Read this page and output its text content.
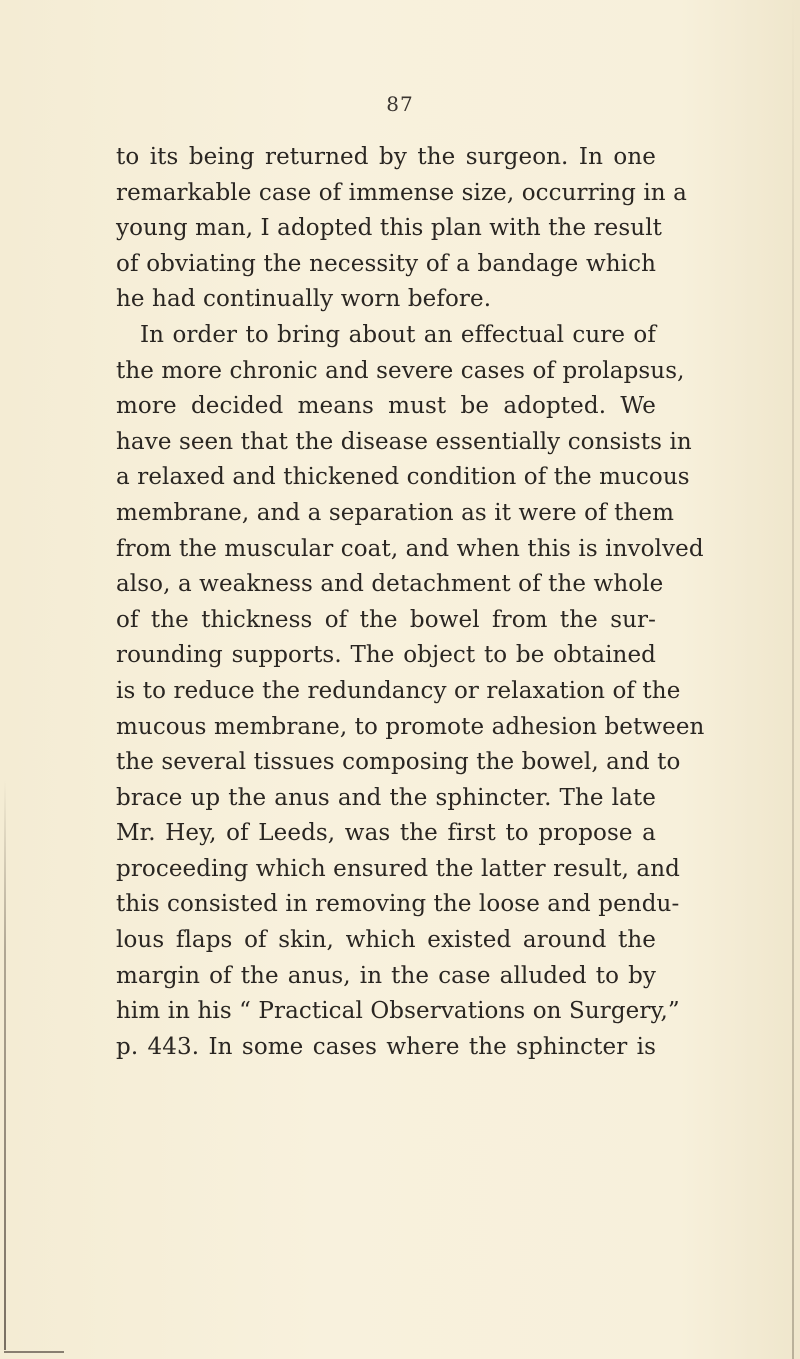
87
to its being returned by the surgeon. In one
remarkable case of immense size, occurring in a
young man, I adopted this plan with the result
of obviating the necessity of a bandage which
he had continually worn before.
In order to bring about an effectual cure of
the more chronic and severe cases of prolapsus,
more decided means must be adopted. We
have seen that the disease essentially consists in
a relaxed and thickened condition of the mucous
membrane, and a separation as it were of them
from the muscular coat, and when this is involved
also, a weakness and detachment of the whole
of the thickness of the bowel from the sur-
rounding supports. The object to be obtained
is to reduce the redundancy or relaxation of the
mucous membrane, to promote adhesion between
the several tissues composing the bowel, and to
brace up the anus and the sphincter. The late
Mr. Hey, of Leeds, was the first to propose a
proceeding which ensured the latter result, and
this consisted in removing the loose and pendu-
lous flaps of skin, which existed around the
margin of the anus, in the case alluded to by
him in his “ Practical Observations on Surgery,”
p. 443. In some cases where the sphincter is
